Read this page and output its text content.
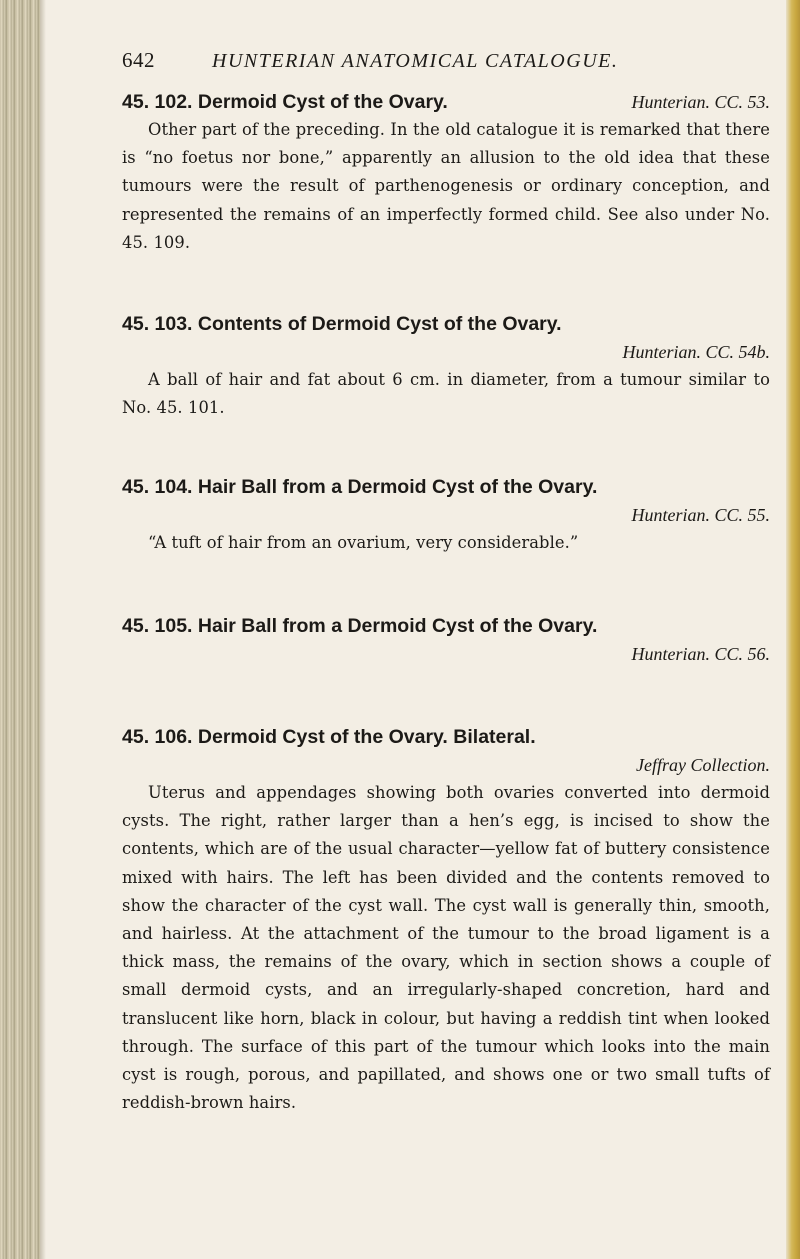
642	HUNTERIAN ANATOMICAL CATALOGUE.
45. 102. Dermoid Cyst of the Ovary.	Hunterian. CC. 53.
Other part of the preceding. In the old catalogue it is remarked that there is “no foetus nor bone,” apparently an allusion to the old idea that these tumours were the result of parthenogenesis or ordinary conception, and represented the remains of an imperfectly formed child. See also under No. 45. 109.
45. 103. Contents of Dermoid Cyst of the Ovary.
Hunterian. CC. 54b.
A ball of hair and fat about 6 cm. in diameter, from a tumour similar to No. 45. 101.
45. 104. Hair Ball from a Dermoid Cyst of the Ovary.
Hunterian. CC. 55.
“A tuft of hair from an ovarium, very considerable.”
45. 105. Hair Ball from a Dermoid Cyst of the Ovary.
Hunterian. CC. 56.
45. 106. Dermoid Cyst of the Ovary. Bilateral.
Jeffray Collection.
Uterus and appendages showing both ovaries converted into dermoid cysts. The right, rather larger than a hen’s egg, is incised to show the contents, which are of the usual character—yellow fat of buttery consistence mixed with hairs. The left has been divided and the contents removed to show the character of the cyst wall. The cyst wall is generally thin, smooth, and hairless. At the attachment of the tumour to the broad ligament is a thick mass, the remains of the ovary, which in section shows a couple of small dermoid cysts, and an irregularly-shaped concretion, hard and translucent like horn, black in colour, but having a reddish tint when looked through. The surface of this part of the tumour which looks into the main cyst is rough, porous, and papillated, and shows one or two small tufts of reddish-brown hairs.
